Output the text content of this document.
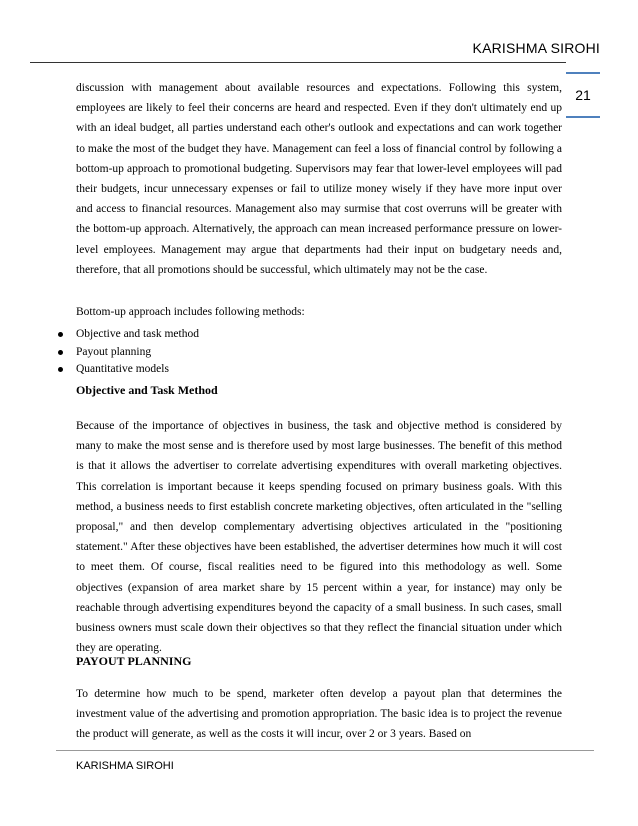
KARISHMA SIROHI
21

discussion with management about available resources and expectations. Following this system, employees are likely to feel their concerns are heard and respected. Even if they don't ultimately end up with an ideal budget, all parties understand each other's outlook and expectations and can work together to make the most of the budget they have. Management can feel a loss of financial control by following a bottom-up approach to promotional budgeting. Supervisors may fear that lower-level employees will pad their budgets, incur unnecessary expenses or fail to utilize money wisely if they have more input over and access to financial resources. Management also may surmise that cost overruns will be greater with the bottom-up approach. Alternatively, the approach can mean increased performance pressure on lower-level employees. Management may argue that departments had their input on budgetary needs and, therefore, that all promotions should be successful, which ultimately may not be the case.

Bottom-up approach includes following methods:

Objective and task method
Payout planning
Quantitative models
Objective and Task Method

Because of the importance of objectives in business, the task and objective method is considered by many to make the most sense and is therefore used by most large businesses. The benefit of this method is that it allows the advertiser to correlate advertising expenditures with overall marketing objectives. This correlation is important because it keeps spending focused on primary business goals. With this method, a business needs to first establish concrete marketing objectives, often articulated in the "selling proposal," and then develop complementary advertising objectives articulated in the "positioning statement." After these objectives have been established, the advertiser determines how much it will cost to meet them. Of course, fiscal realities need to be figured into this methodology as well. Some objectives (expansion of area market share by 15 percent within a year, for instance) may only be reachable through advertising expenditures beyond the capacity of a small business. In such cases, small business owners must scale down their objectives so that they reflect the financial situation under which they are operating.

PAYOUT PLANNING

To determine how much to be spend, marketer often develop a payout plan that determines the investment value of the advertising and promotion appropriation. The basic idea is to project the revenue the product will generate, as well as the costs it will incur, over 2 or 3 years. Based on

KARISHMA SIROHI
